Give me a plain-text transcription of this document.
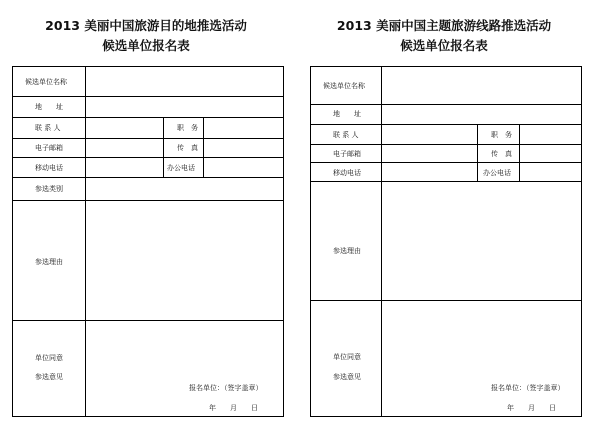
2013 美丽中国旅游目的地推选活动
候选单位报名表
候选单位名称
地　　址
联 系 人	职　务
电子邮箱	传　真
移动电话	办公电话
参选类别
参选理由
单位同意
参选意见
报名单位：（签字盖章）
年　　月　　日
2013 美丽中国主题旅游线路推选活动
候选单位报名表
候选单位名称
地　　址
联 系 人	职　务
电子邮箱	传　真
移动电话	办公电话
参选理由
单位同意
参选意见
报名单位：（签字盖章）
年　　月　　日
